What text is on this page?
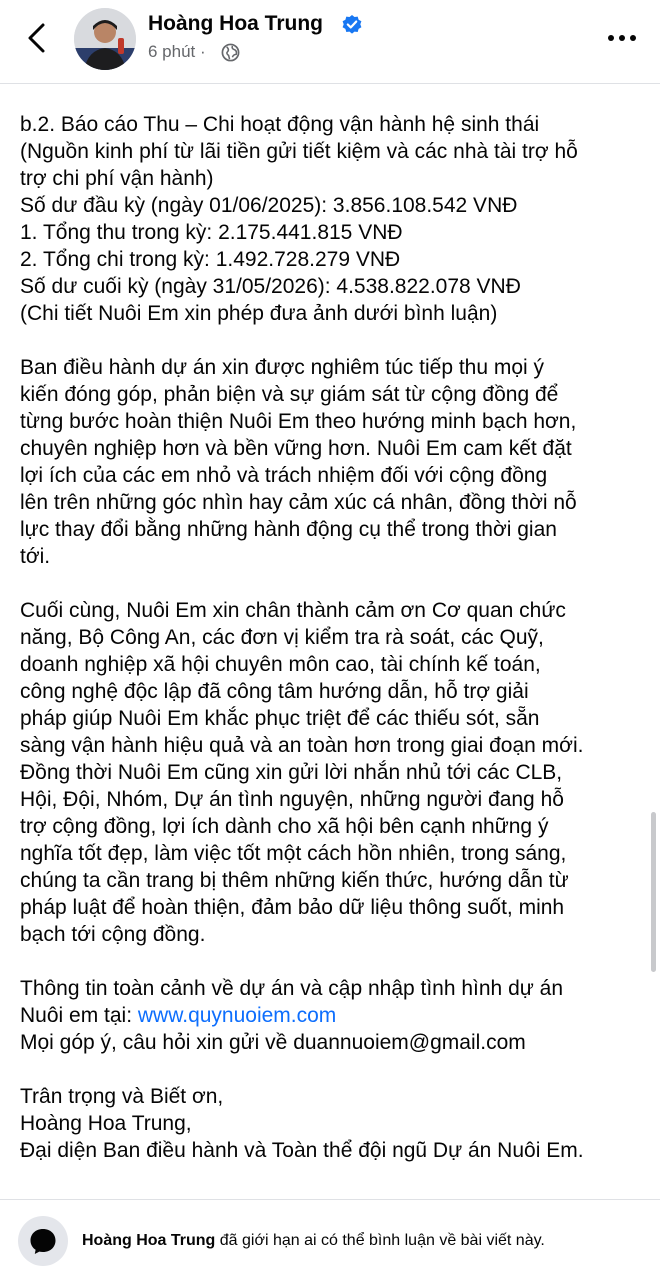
Hoàng Hoa Trung
6 phút ·
b.2. Báo cáo Thu – Chi hoạt động vận hành hệ sinh thái
(Nguồn kinh phí từ lãi tiền gửi tiết kiệm và các nhà tài trợ hỗ
trợ chi phí vận hành)
Số dư đầu kỳ (ngày 01/06/2025): 3.856.108.542 VNĐ
1. Tổng thu trong kỳ: 2.175.441.815 VNĐ
2. Tổng chi trong kỳ: 1.492.728.279 VNĐ
Số dư cuối kỳ (ngày 31/05/2026): 4.538.822.078 VNĐ
(Chi tiết Nuôi Em xin phép đưa ảnh dưới bình luận)
Ban điều hành dự án xin được nghiêm túc tiếp thu mọi ý
kiến đóng góp, phản biện và sự giám sát từ cộng đồng để
từng bước hoàn thiện Nuôi Em theo hướng minh bạch hơn,
chuyên nghiệp hơn và bền vững hơn. Nuôi Em cam kết đặt
lợi ích của các em nhỏ và trách nhiệm đối với cộng đồng
lên trên những góc nhìn hay cảm xúc cá nhân, đồng thời nỗ
lực thay đổi bằng những hành động cụ thể trong thời gian
tới.
Cuối cùng, Nuôi Em xin chân thành cảm ơn Cơ quan chức
năng, Bộ Công An, các đơn vị kiểm tra rà soát, các Quỹ,
doanh nghiệp xã hội chuyên môn cao, tài chính kế toán,
công nghệ độc lập đã công tâm hướng dẫn, hỗ trợ giải
pháp giúp Nuôi Em khắc phục triệt để các thiếu sót, sẵn
sàng vận hành hiệu quả và an toàn hơn trong giai đoạn mới.
Đồng thời Nuôi Em cũng xin gửi lời nhắn nhủ tới các CLB,
Hội, Đội, Nhóm, Dự án tình nguyện, những người đang hỗ
trợ cộng đồng, lợi ích dành cho xã hội bên cạnh những ý
nghĩa tốt đẹp, làm việc tốt một cách hồn nhiên, trong sáng,
chúng ta cần trang bị thêm những kiến thức, hướng dẫn từ
pháp luật để hoàn thiện, đảm bảo dữ liệu thông suốt, minh
bạch tới cộng đồng.
Thông tin toàn cảnh về dự án và cập nhập tình hình dự án
Nuôi em tại: www.quynuoiem.com
Mọi góp ý, câu hỏi xin gửi về duannuoiem@gmail.com
Trân trọng và Biết ơn,
Hoàng Hoa Trung,
Đại diện Ban điều hành và Toàn thể đội ngũ Dự án Nuôi Em.
Hoàng Hoa Trung đã giới hạn ai có thể bình luận về bài viết này.
